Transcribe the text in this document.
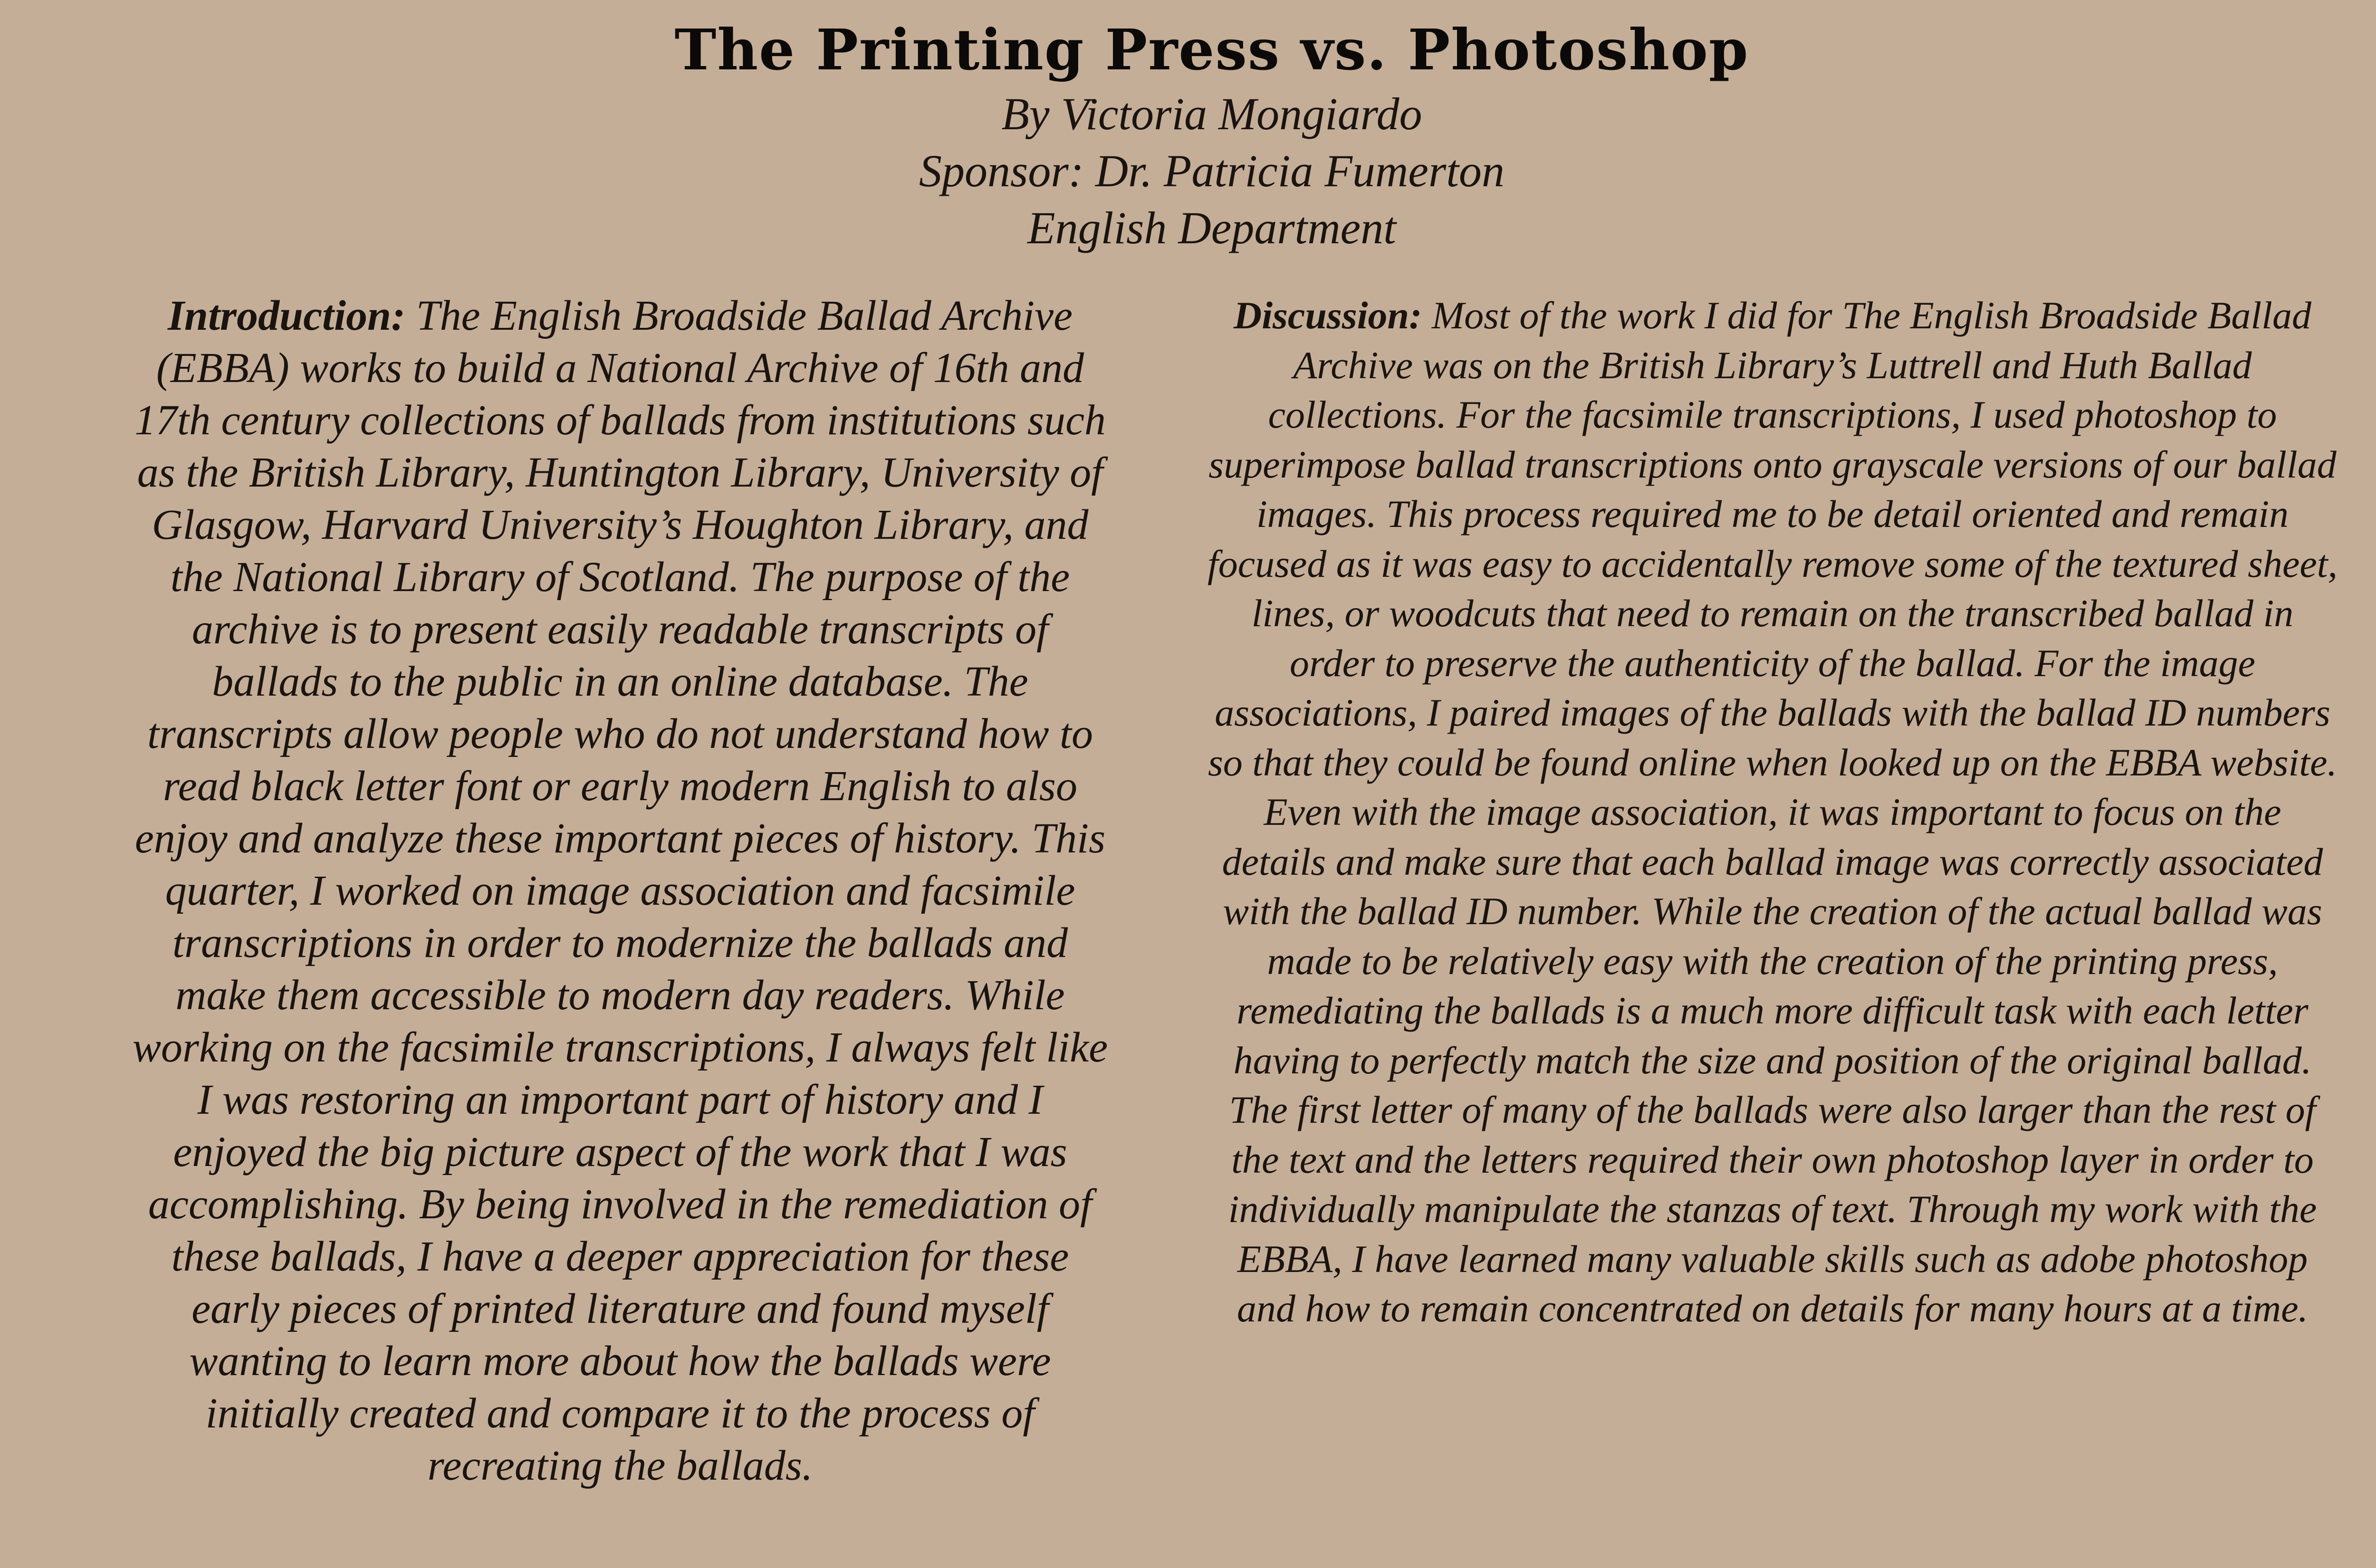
The Printing Press vs. Photoshop
By Victoria Mongiardo
Sponsor: Dr. Patricia Fumerton
English Department

Introduction: The English Broadside Ballad Archive (EBBA) works to build a National Archive of 16th and 17th century collections of ballads from institutions such as the British Library, Huntington Library, University of Glasgow, Harvard University’s Houghton Library, and the National Library of Scotland. The purpose of the archive is to present easily readable transcripts of ballads to the public in an online database. The transcripts allow people who do not understand how to read black letter font or early modern English to also enjoy and analyze these important pieces of history. This quarter, I worked on image association and facsimile transcriptions in order to modernize the ballads and make them accessible to modern day readers. While working on the facsimile transcriptions, I always felt like I was restoring an important part of history and I enjoyed the big picture aspect of the work that I was accomplishing. By being involved in the remediation of these ballads, I have a deeper appreciation for these early pieces of printed literature and found myself wanting to learn more about how the ballads were initially created and compare it to the process of recreating the ballads.

Discussion: Most of the work I did for The English Broadside Ballad Archive was on the British Library’s Luttrell and Huth Ballad collections. For the facsimile transcriptions, I used photoshop to superimpose ballad transcriptions onto grayscale versions of our ballad images. This process required me to be detail oriented and remain focused as it was easy to accidentally remove some of the textured sheet, lines, or woodcuts that need to remain on the transcribed ballad in order to preserve the authenticity of the ballad. For the image associations, I paired images of the ballads with the ballad ID numbers so that they could be found online when looked up on the EBBA website. Even with the image association, it was important to focus on the details and make sure that each ballad image was correctly associated with the ballad ID number. While the creation of the actual ballad was made to be relatively easy with the creation of the printing press, remediating the ballads is a much more difficult task with each letter having to perfectly match the size and position of the original ballad. The first letter of many of the ballads were also larger than the rest of the text and the letters required their own photoshop layer in order to individually manipulate the stanzas of text. Through my work with the EBBA, I have learned many valuable skills such as adobe photoshop and how to remain concentrated on details for many hours at a time.
